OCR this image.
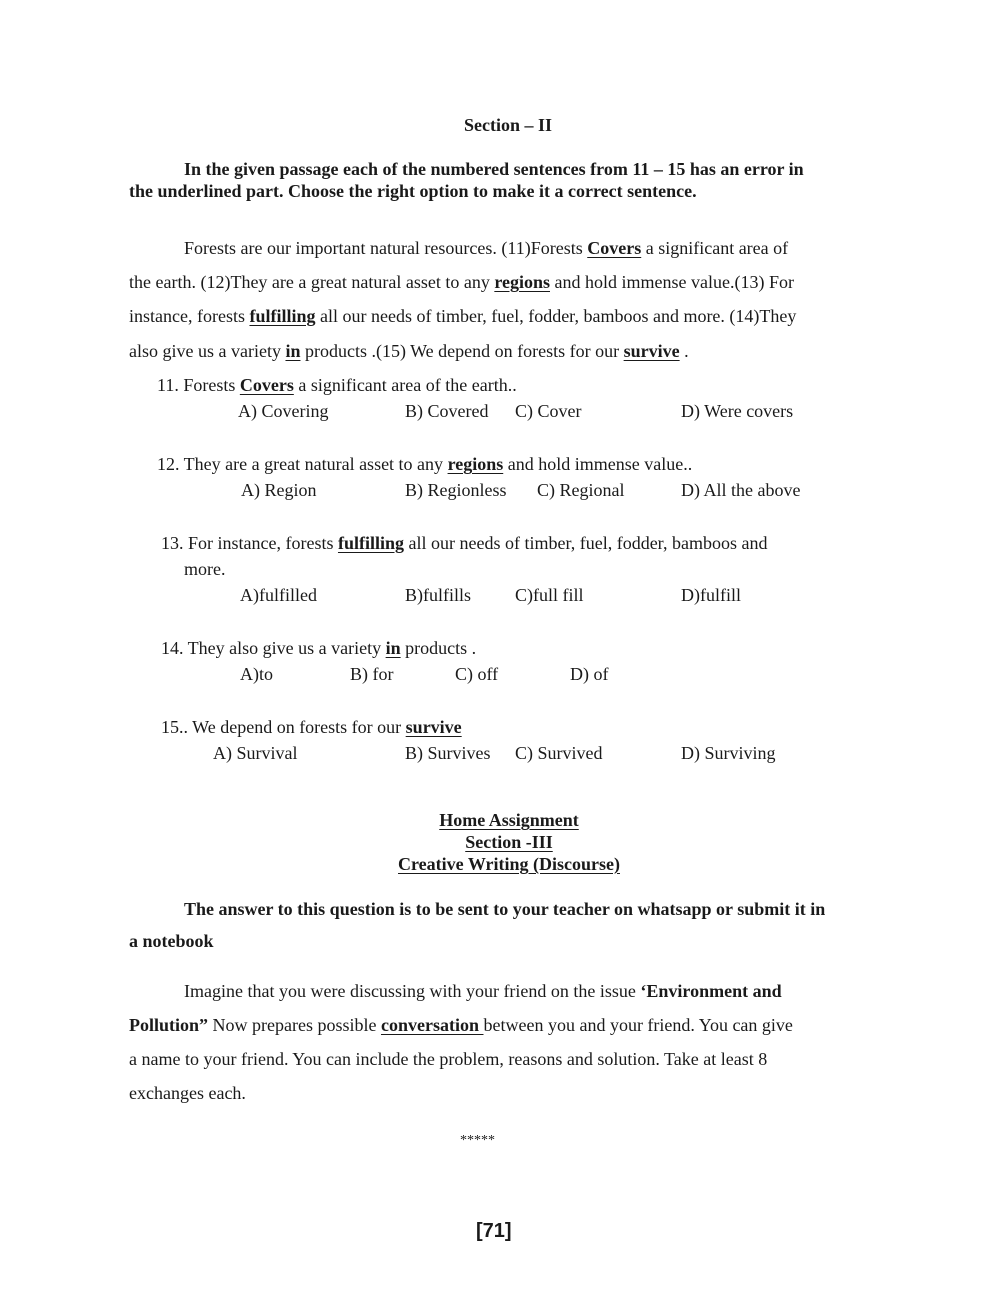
Section – II
In the given passage each of the numbered sentences from 11 – 15 has an error in
the underlined part. Choose the right option to make it a correct sentence.
Forests are our important natural resources. (11)Forests Covers a significant area of
the earth. (12)They are a great natural asset to any regions and hold immense value.(13) For
instance, forests fulfilling all our needs of timber, fuel, fodder, bamboos and more. (14)They
also give us a variety in products .(15) We depend on forests for our survive .
11. Forests Covers a significant area of the earth..
A) Covering	B) Covered C) Cover	D) Were covers
12. They are a great natural asset to any regions and hold immense value..
A) Region	B) Regionless C) Regional	D) All the above
13. For instance, forests fulfilling all our needs of timber, fuel, fodder, bamboos and
more.
A)fulfilled	B)fulfills C)full fill	D)fulfill
14. They also give us a variety in products .
A)to	B) for	C) off	D) of
15.. We depend on forests for our survive
A) Survival	B) Survives C) Survived	D) Surviving
Home Assignment
Section -III
Creative Writing (Discourse)
The answer to this question is to be sent to your teacher on whatsapp or submit it in
a notebook
Imagine that you were discussing with your friend on the issue ‘Environment and
Pollution” Now prepares possible conversation between you and your friend. You can give
a name to your friend. You can include the problem, reasons and solution. Take at least 8
exchanges each.
*****
[71]
